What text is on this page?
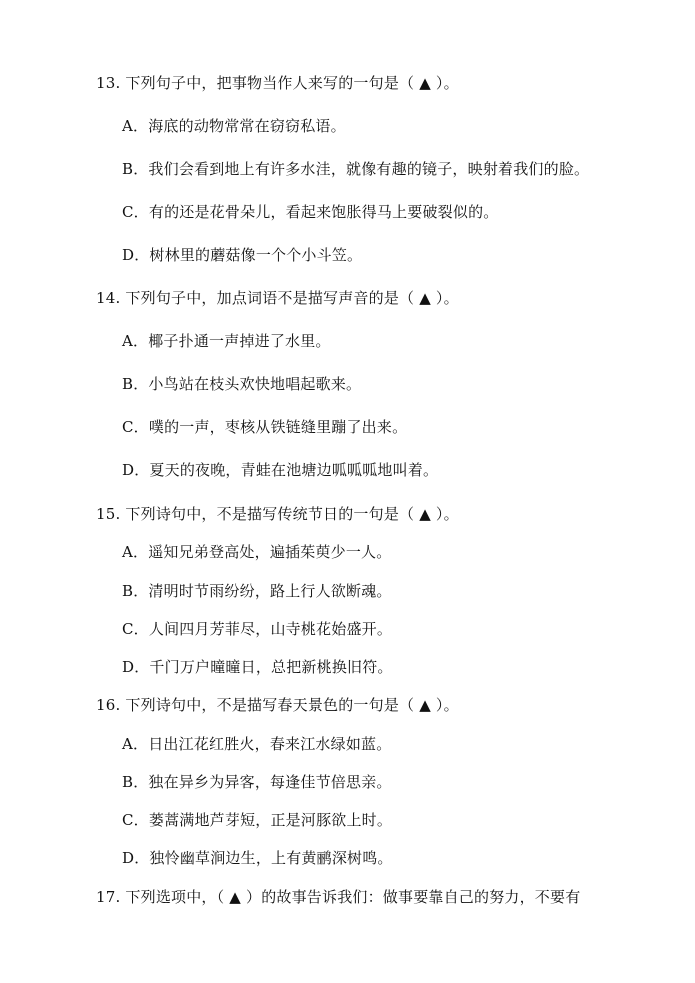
13. 下列句子中，把事物当作人来写的一句是（ ▲ ）。
A．海底的动物常常在窃窃私语。
B．我们会看到地上有许多水洼，就像有趣的镜子，映射着我们的脸。
C．有的还是花骨朵儿，看起来饱胀得马上要破裂似的。
D．树林里的蘑菇像一个个小斗笠。
14. 下列句子中，加点词语不是描写声音的是（ ▲ ）。
A．椰子扑通一声掉进了水里。
B．小鸟站在枝头欢快地唱起歌来。
C．噗的一声，枣核从铁链缝里蹦了出来。
D．夏天的夜晚，青蛙在池塘边呱呱呱地叫着。
15. 下列诗句中，不是描写传统节日的一句是（ ▲ ）。
A．遥知兄弟登高处，遍插茱萸少一人。
B．清明时节雨纷纷，路上行人欲断魂。
C．人间四月芳菲尽，山寺桃花始盛开。
D．千门万户曈曈日，总把新桃换旧符。
16. 下列诗句中，不是描写春天景色的一句是（ ▲ ）。
A．日出江花红胜火，春来江水绿如蓝。
B．独在异乡为异客，每逢佳节倍思亲。
C．蒌蒿满地芦芽短，正是河豚欲上时。
D．独怜幽草涧边生，上有黄鹂深树鸣。
17. 下列选项中，（ ▲ ）的故事告诉我们：做事要靠自己的努力，不要有
